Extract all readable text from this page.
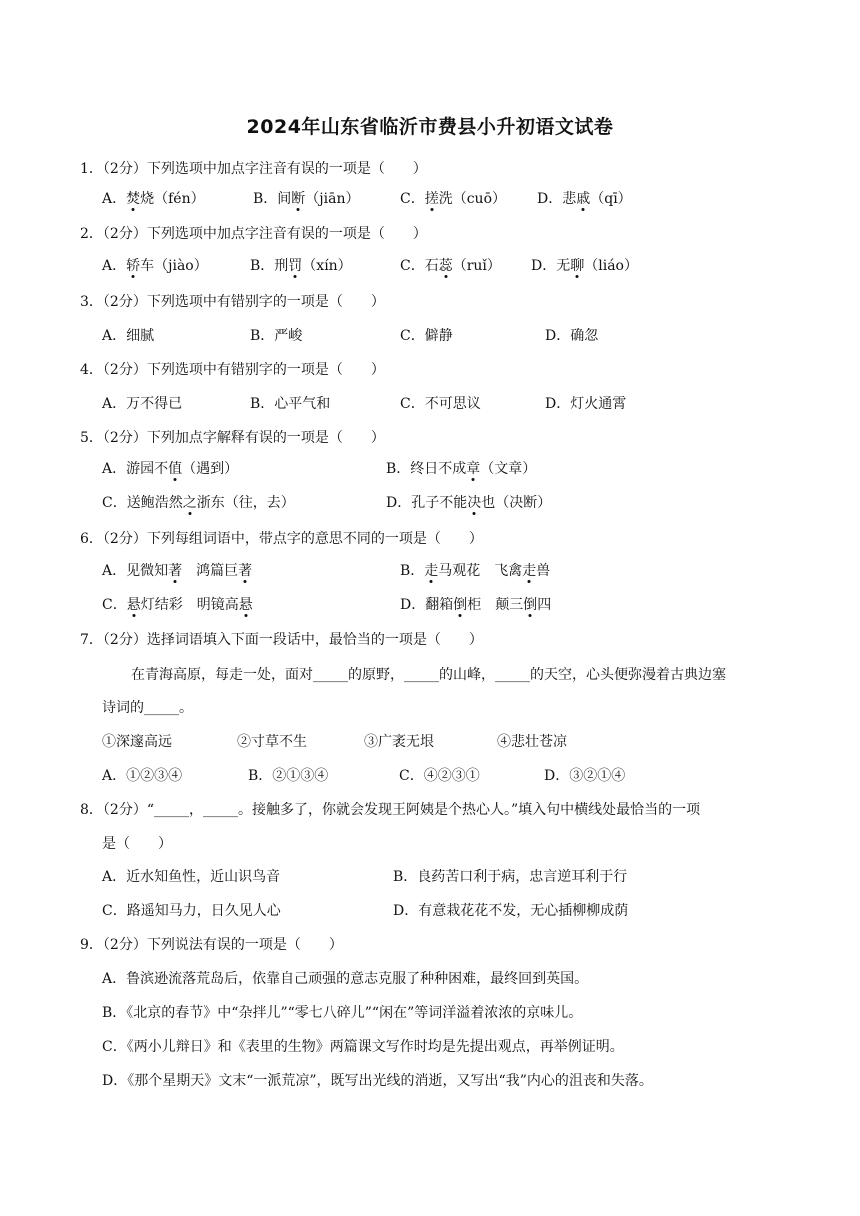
2024年山东省临沂市费县小升初语文试卷
1．（2分）下列选项中加点字注音有误的一项是（　　）
A．焚烧（fén）	B．间断（jiān）	C．搓洗（cuō） D．悲戚（qī）
2．（2分）下列选项中加点字注音有误的一项是（　　）
A．轿车（jiào）	B．刑罚（xín）	C．石蕊（ruǐ） D．无聊（liáo）
3．（2分）下列选项中有错别字的一项是（　　）
A．细腻	B．严峻	C．僻静	D．确忽
4．（2分）下列选项中有错别字的一项是（　　）
A．万不得已	B．心平气和	C．不可思议	D．灯火通霄
5．（2分）下列加点字解释有误的一项是（　　）
A．游园不值（遇到）	B．终日不成章（文章）
C．送鲍浩然之浙东（往，去）	D．孔子不能决也（决断）
6．（2分）下列每组词语中，带点字的意思不同的一项是（　　）
A．见微知著　鸿篇巨著	B．走马观花　飞禽走兽
C．悬灯结彩　明镜高悬	D．翻箱倒柜　颠三倒四
7．（2分）选择词语填入下面一段话中，最恰当的一项是（　　）
在青海高原，每走一处，面对_____的原野，_____的山峰，_____的天空，心头便弥漫着古典边塞
诗词的_____。
①深邃高远	②寸草不生	③广袤无垠	④悲壮苍凉
A．①②③④	B．②①③④	C．④②③①	D．③②①④
8．（2分）“_____，_____。接触多了，你就会发现王阿姨是个热心人。”填入句中横线处最恰当的一项
是（　　）
A．近水知鱼性，近山识鸟音	B．良药苦口利于病，忠言逆耳利于行
C．路遥知马力，日久见人心	D．有意栽花花不发，无心插柳柳成荫
9．（2分）下列说法有误的一项是（　　）
A．鲁滨逊流落荒岛后，依靠自己顽强的意志克服了种种困难，最终回到英国。
B．《北京的春节》中“杂拌儿”“零七八碎儿”“闲在”等词洋溢着浓浓的京味儿。
C．《两小儿辩日》和《表里的生物》两篇课文写作时均是先提出观点，再举例证明。
D．《那个星期天》文末“一派荒凉”，既写出光线的消逝，又写出“我”内心的沮丧和失落。
